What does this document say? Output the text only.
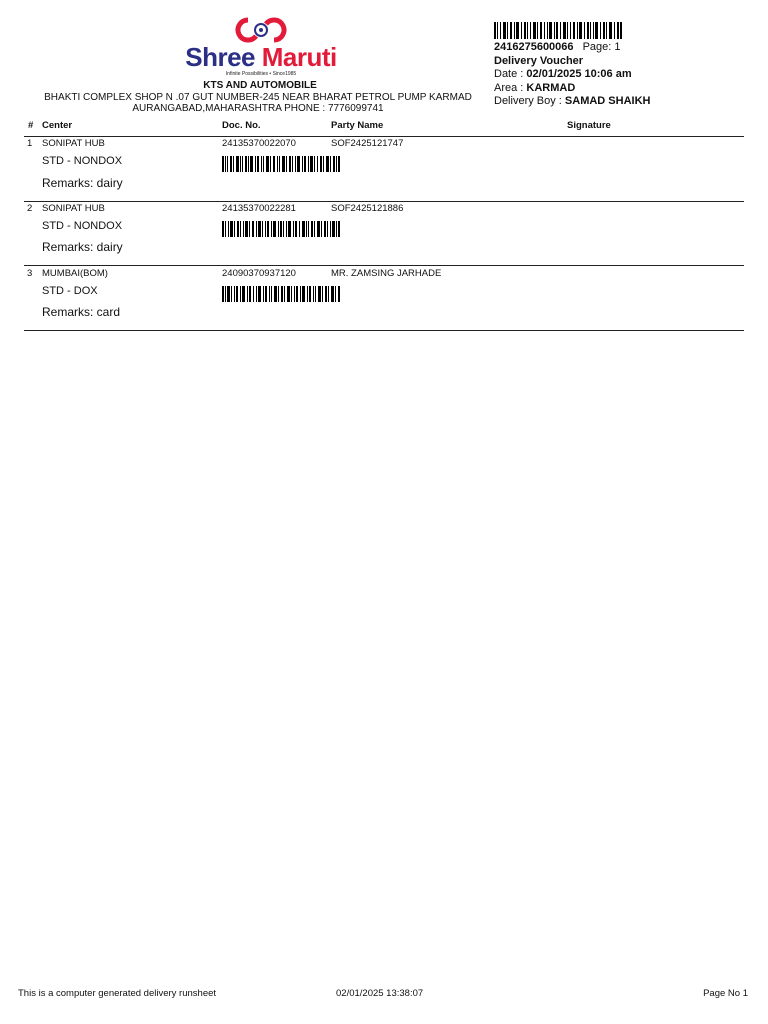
Shree Maruti
Infinite Possibilities • Since1985
KTS AND AUTOMOBILE
BHAKTI COMPLEX SHOP N .07 GUT NUMBER-245 NEAR BHARAT PETROL PUMP KARMAD
AURANGABAD,MAHARASHTRA PHONE : 7776099741
2416275600066 Page: 1
Delivery Voucher
Date : 02/01/2025 10:06 am
Area : KARMAD
Delivery Boy : SAMAD SHAIKH
# Center	Doc. No.	Party Name	Signature
1 SONIPAT HUB	24135370022070	SOF2425121747
STD - NONDOX
Remarks: dairy
2 SONIPAT HUB	24135370022281	SOF2425121886
STD - NONDOX
Remarks: dairy
3 MUMBAI(BOM)	24090370937120	MR. ZAMSING JARHADE
STD - DOX
Remarks: card
This is a computer generated delivery runsheet	02/01/2025 13:38:07	Page No 1
